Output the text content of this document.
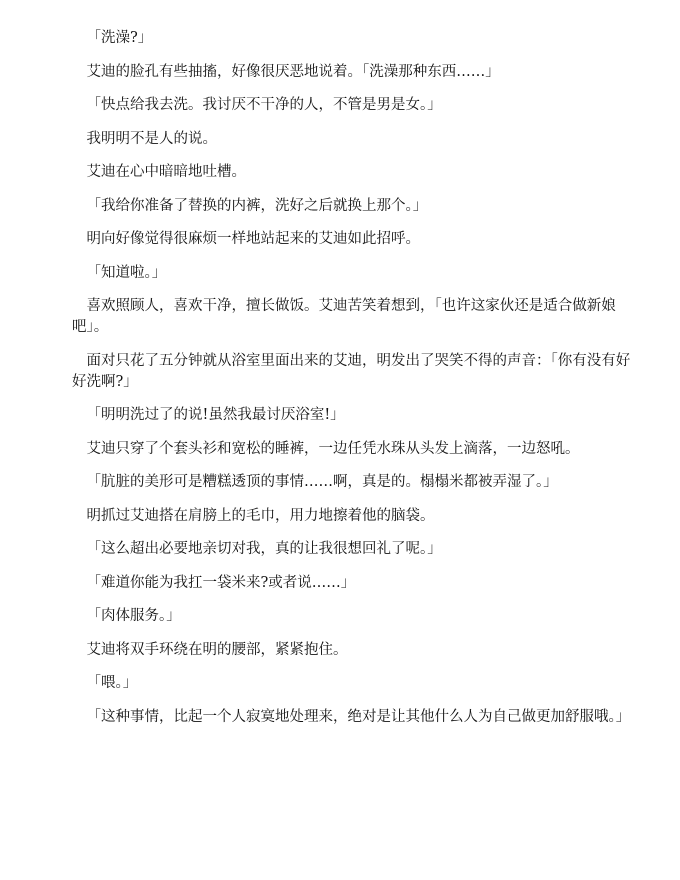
「洗澡?」

艾迪的脸孔有些抽搐，好像很厌恶地说着。「洗澡那种东西……」

「快点给我去洗。我讨厌不干净的人，不管是男是女。」

我明明不是人的说。

艾迪在心中暗暗地吐槽。

「我给你准备了替换的内裤，洗好之后就换上那个。」

明向好像觉得很麻烦一样地站起来的艾迪如此招呼。

「知道啦。」

喜欢照顾人，喜欢干净，擅长做饭。艾迪苦笑着想到，「也许这家伙还是适合做新娘吧」。

面对只花了五分钟就从浴室里面出来的艾迪，明发出了哭笑不得的声音：「你有没有好好洗啊?」

「明明洗过了的说!虽然我最讨厌浴室!」

艾迪只穿了个套头衫和宽松的睡裤，一边任凭水珠从头发上滴落，一边怒吼。

「肮脏的美形可是糟糕透顶的事情……啊，真是的。榻榻米都被弄湿了。」

明抓过艾迪搭在肩膀上的毛巾，用力地擦着他的脑袋。

「这么超出必要地亲切对我，真的让我很想回礼了呢。」

「难道你能为我扛一袋米来?或者说……」

「肉体服务。」

艾迪将双手环绕在明的腰部，紧紧抱住。

「喂。」

「这种事情，比起一个人寂寞地处理来，绝对是让其他什么人为自己做更加舒服哦。」
